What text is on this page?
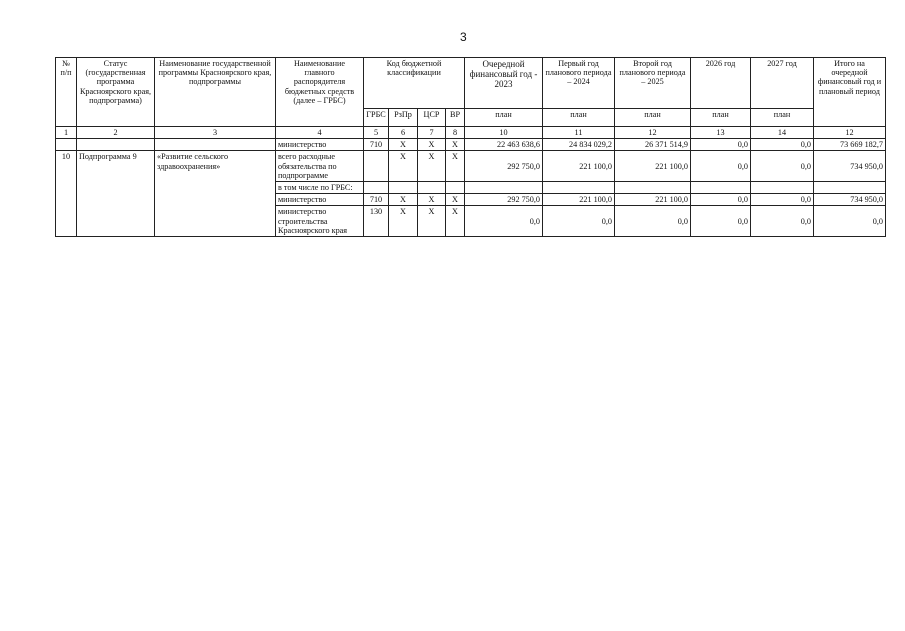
3
№ п/п	Статус (государственная программа Красноярского края, подпрограмма)	Наименование государственной программы Красноярского края, подпрограммы	Наименование главного распорядителя бюджетных средств (далее – ГРБС)	Код бюджетной классификации				Очередной финансовый год - 2023	Первый год планового периода – 2024	Второй год планового периода – 2025	2026 год	2027 год	Итого на очередной финансовый год и плановый период
				ГРБС	РзПр	ЦСР	ВР	план	план	план	план	план	
1	2	3	4	5	6	7	8	10	11	12	13	14	12
			министерство	710	X	X	X	22 463 638,6	24 834 029,2	26 371 514,9	0,0	0,0	73 669 182,7
10	Подпрограмма 9	«Развитие сельского здравоохранения»	всего расходные обязательства по подпрограмме		X	X	X	292 750,0	221 100,0	221 100,0	0,0	0,0	734 950,0
			в том числе по ГРБС:										
			министерство	710	X	X	X	292 750,0	221 100,0	221 100,0	0,0	0,0	734 950,0
			министерство строительства Красноярского края	130	X	X	X	0,0	0,0	0,0	0,0	0,0	0,0
